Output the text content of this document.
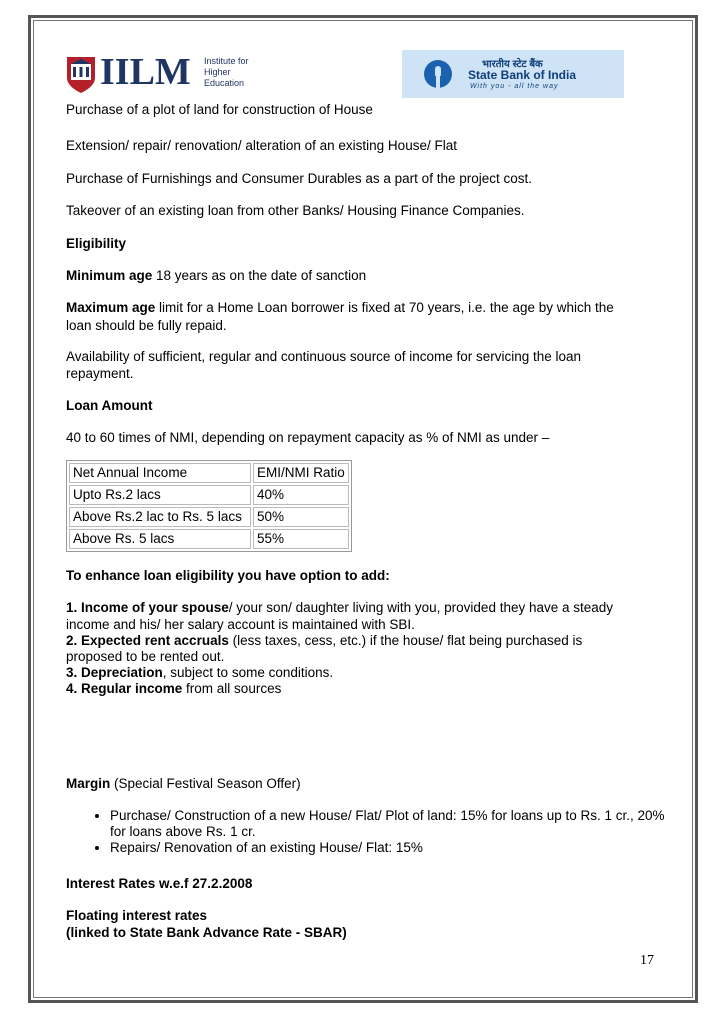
IILM Institute for
Higher Education
भारतीय स्टेट बैंक
State Bank of India
With you - all the way

Purchase of a plot of land for construction of House

Extension/ repair/ renovation/ alteration of an existing House/ Flat

Purchase of Furnishings and Consumer Durables as a part of the project cost.

Takeover of an existing loan from other Banks/ Housing Finance Companies.

Eligibility

Minimum age 18 years as on the date of sanction

Maximum age limit for a Home Loan borrower is fixed at 70 years, i.e. the age by which the

loan should be fully repaid.

Availability of sufficient, regular and continuous source of income for servicing the loan

repayment.

Loan Amount

40 to 60 times of NMI, depending on repayment capacity as % of NMI as under –

Net Annual Income	EMI/NMI Ratio
Upto Rs.2 lacs	40%
Above Rs.2 lac to Rs. 5 lacs	50%
Above Rs. 5 lacs	55%

To enhance loan eligibility you have option to add:

1. Income of your spouse/ your son/ daughter living with you, provided they have a steady

income and his/ her salary account is maintained with SBI.

2. Expected rent accruals (less taxes, cess, etc.) if the house/ flat being purchased is

proposed to be rented out.

3. Depreciation, subject to some conditions.

4. Regular income from all sources

Margin (Special Festival Season Offer)

• Purchase/ Construction of a new House/ Flat/ Plot of land: 15% for loans up to Rs. 1 cr., 20% for loans above Rs. 1 cr.
• Repairs/ Renovation of an existing House/ Flat: 15%

Interest Rates w.e.f 27.2.2008

Floating interest rates

(linked to State Bank Advance Rate - SBAR)

17
